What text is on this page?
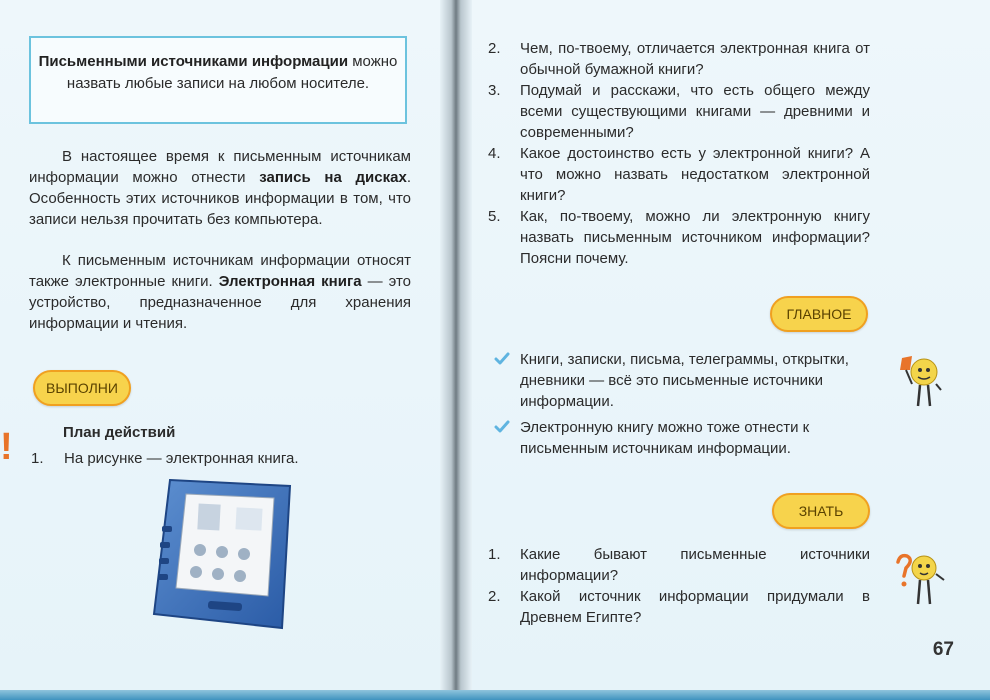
Письменными источниками информации можно назвать любые записи на любом носителе.
В настоящее время к письменным источникам информации можно отнести запись на дисках. Особенность этих источников информации в том, что записи нельзя прочитать без компьютера.
К письменным источникам информации относят также электронные книги. Электронная книга — это устройство, предназначенное для хранения информации и чтения.
ВЫПОЛНИ
!	План действий
1.	На рисунке — электронная книга.
2.	Чем, по-твоему, отличается электронная книга от обычной бумажной книги?
3.	Подумай и расскажи, что есть общего между всеми существующими книгами — древними и современными?
4.	Какое достоинство есть у электронной книги? А что можно назвать недостатком электронной книги?
5.	Как, по-твоему, можно ли электронную книгу назвать письменным источником информации? Поясни почему.
ГЛАВНОЕ
Книги, записки, письма, телеграммы, открытки, дневники — всё это письменные источники информации.
Электронную книгу можно тоже отнести к письменным источникам информации.
ЗНАТЬ
1.	Какие бывают письменные источники информации?
2.	Какой источник информации придумали в Древнем Египте?
67
